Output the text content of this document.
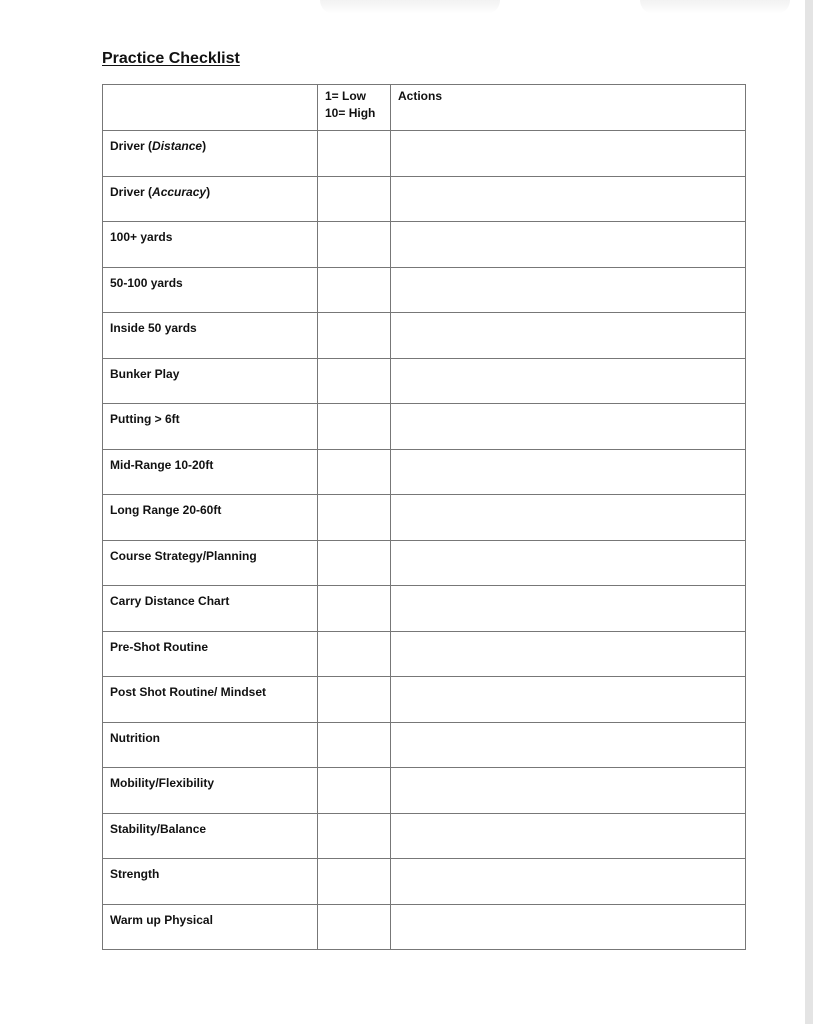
Practice Checklist

	1= Low
10= High	Actions
Driver (Distance)		
Driver (Accuracy)		
100+ yards		
50-100 yards		
Inside 50 yards		
Bunker Play		
Putting > 6ft		
Mid-Range 10-20ft		
Long Range 20-60ft		
Course Strategy/Planning		
Carry Distance Chart		
Pre-Shot Routine		
Post Shot Routine/ Mindset		
Nutrition		
Mobility/Flexibility		
Stability/Balance		
Strength		
Warm up Physical		
